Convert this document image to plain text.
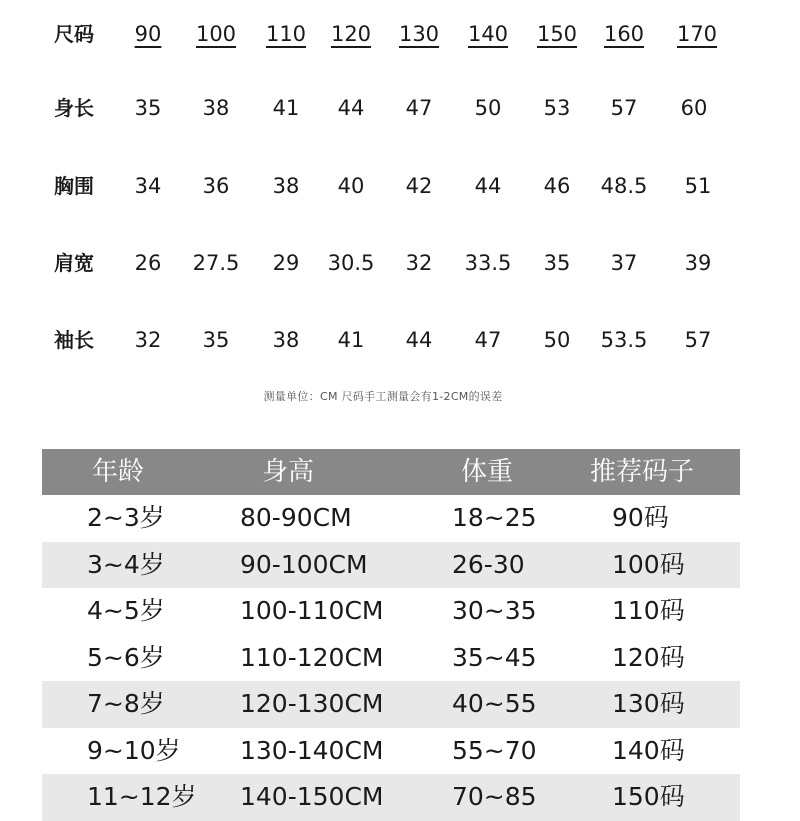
尺码	90	100	110	120	130	140	150	160	170
身长	35	38	41	44	47	50	53	57	60
胸围	34	36	38	40	42	44	46	48.5	51
肩宽	26	27.5	29	30.5	32	33.5	35	37	39
袖长	32	35	38	41	44	47	50	53.5	57
测量单位：CM 尺码手工测量会有1-2CM的误差
年龄	身高	体重	推荐码子
2~3岁	80-90CM	18~25	90码
3~4岁	90-100CM	26-30	100码
4~5岁	100-110CM	30~35	110码
5~6岁	110-120CM	35~45	120码
7~8岁	120-130CM	40~55	130码
9~10岁 130-140CM	55~70	140码
11~12岁 140-150CM	70~85	150码
